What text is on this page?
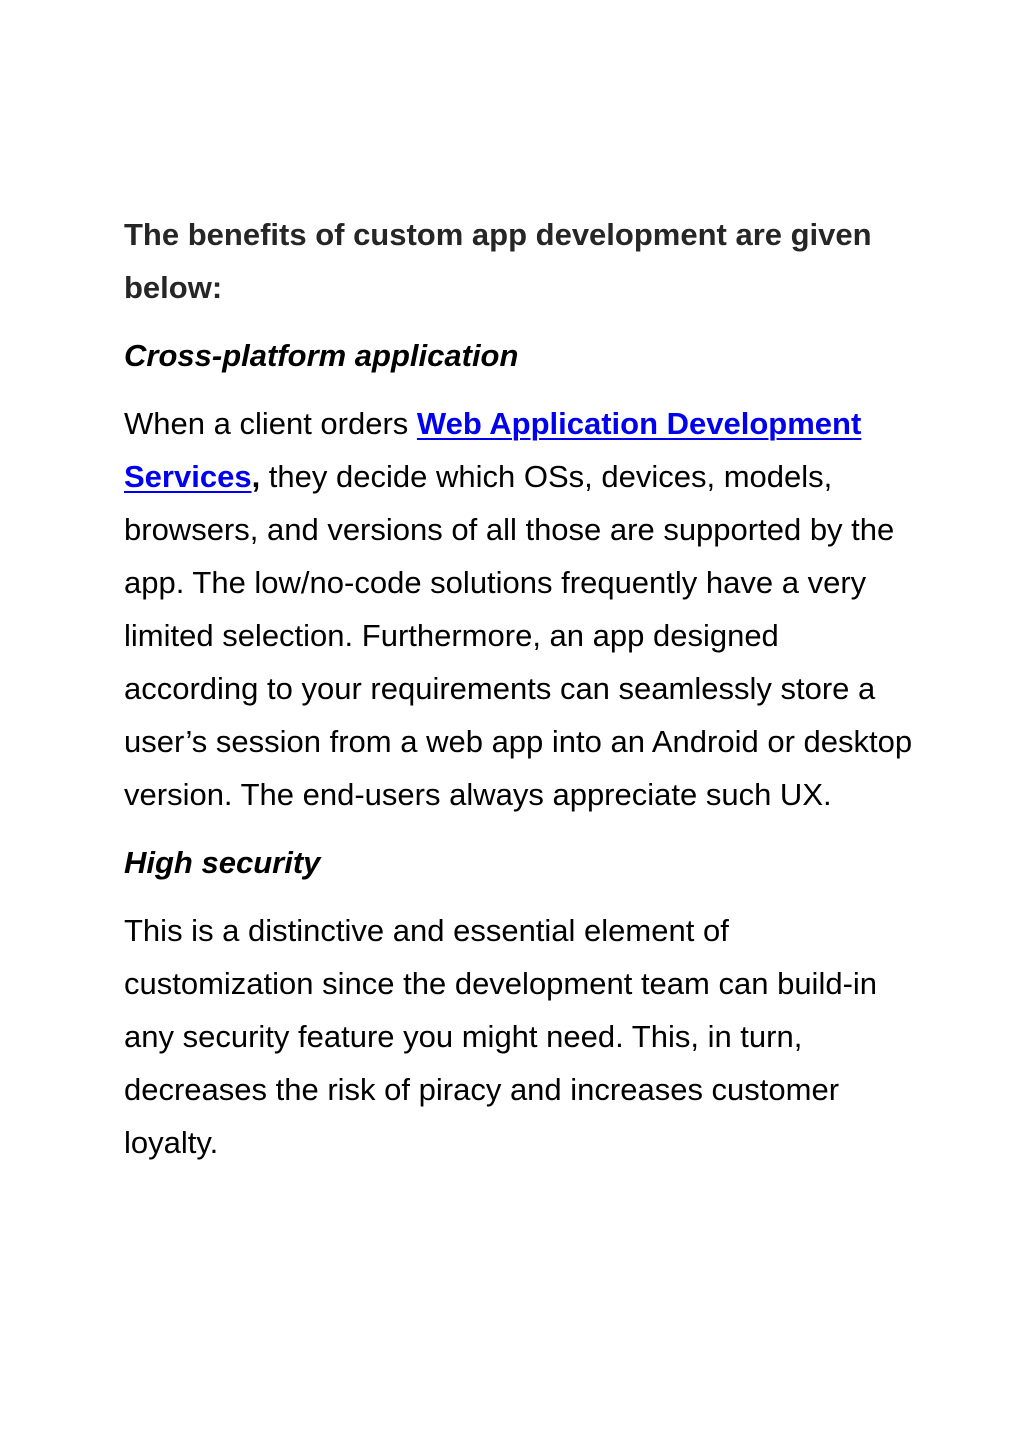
The benefits of custom app development are given below:
Cross-platform application
When a client orders Web Application Development Services, they decide which OSs, devices, models, browsers, and versions of all those are supported by the app. The low/no-code solutions frequently have a very limited selection. Furthermore, an app designed according to your requirements can seamlessly store a user’s session from a web app into an Android or desktop version. The end-users always appreciate such UX.
High security
This is a distinctive and essential element of customization since the development team can build-in any security feature you might need. This, in turn, decreases the risk of piracy and increases customer loyalty.
